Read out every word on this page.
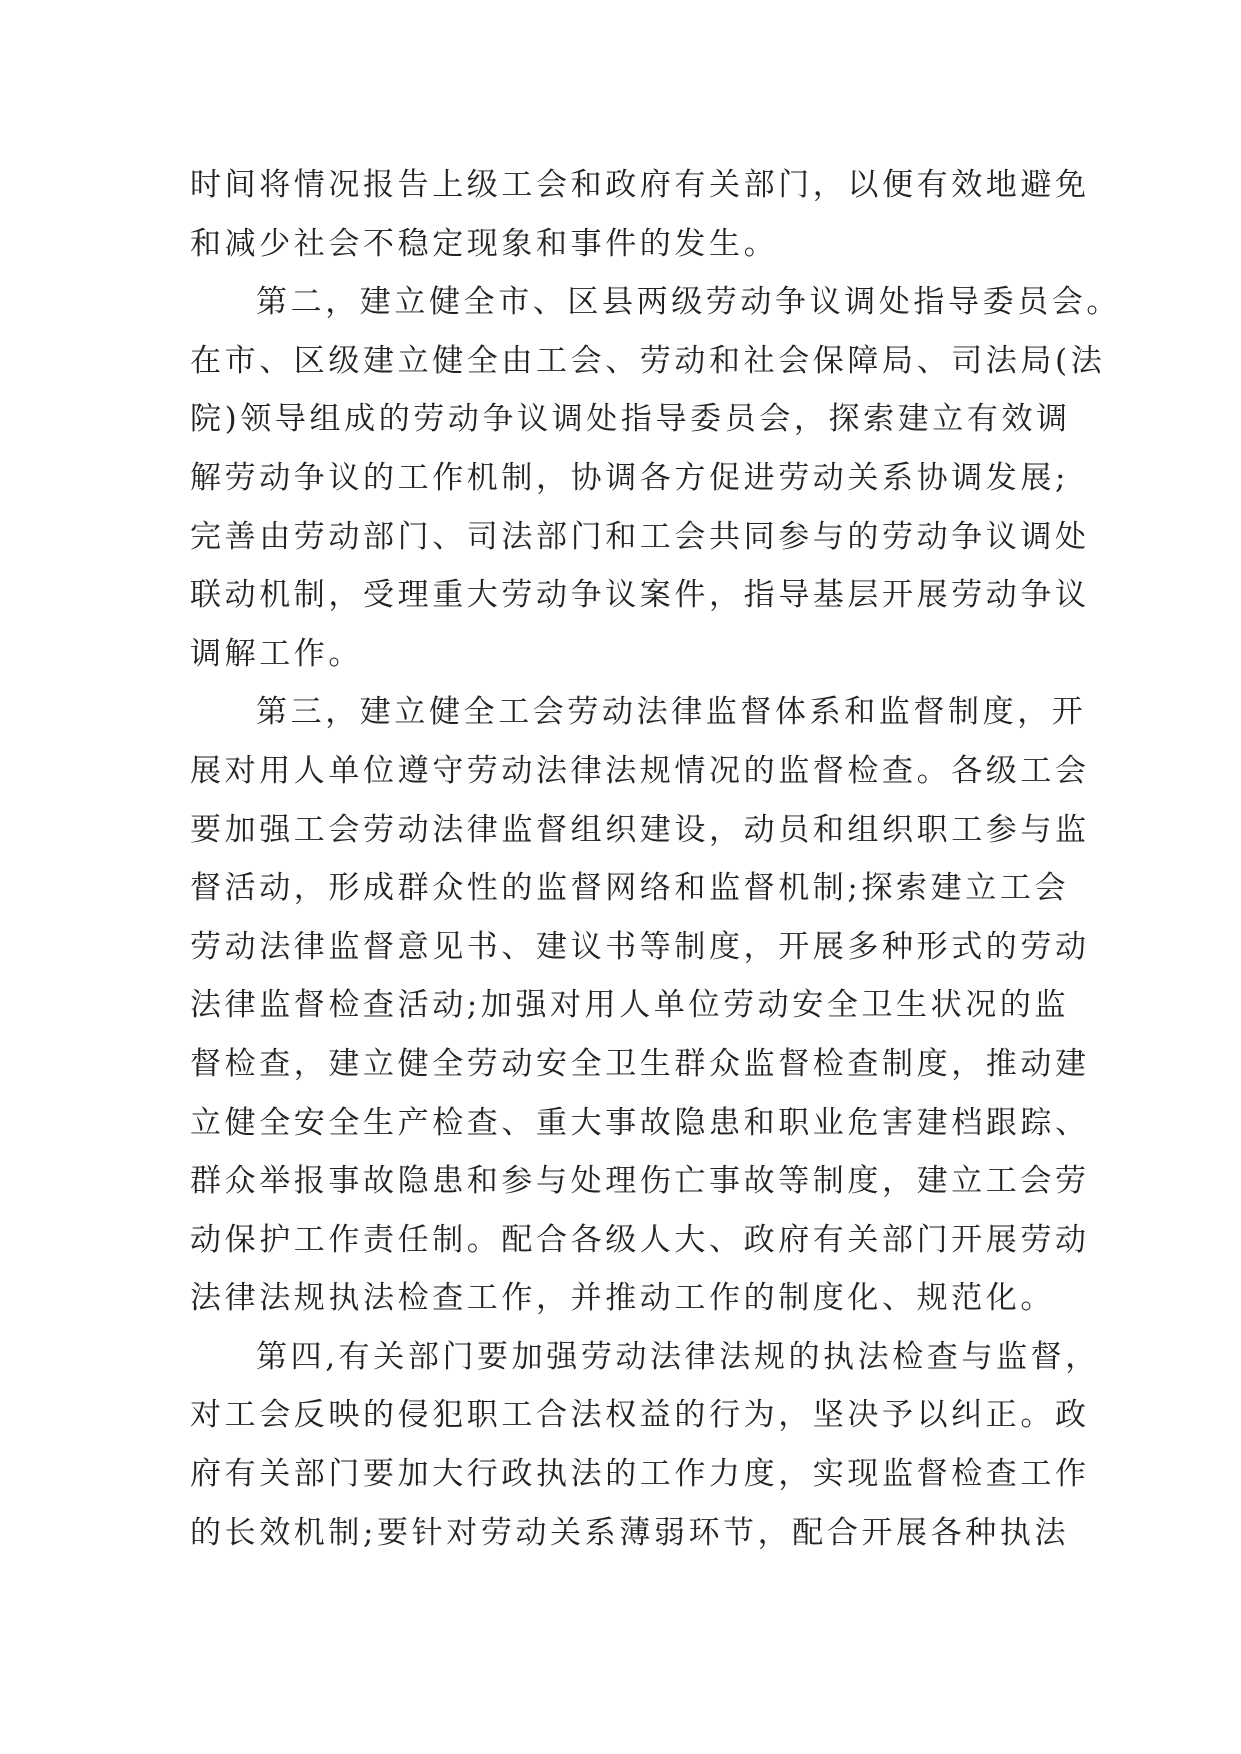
时间将情况报告上级工会和政府有关部门，以便有效地避免
和减少社会不稳定现象和事件的发生。
第二，建立健全市、区县两级劳动争议调处指导委员会。
在市、区级建立健全由工会、劳动和社会保障局、司法局(法
院)领导组成的劳动争议调处指导委员会，探索建立有效调
解劳动争议的工作机制，协调各方促进劳动关系协调发展;
完善由劳动部门、司法部门和工会共同参与的劳动争议调处
联动机制，受理重大劳动争议案件，指导基层开展劳动争议
调解工作。
第三，建立健全工会劳动法律监督体系和监督制度，开
展对用人单位遵守劳动法律法规情况的监督检查。各级工会
要加强工会劳动法律监督组织建设，动员和组织职工参与监
督活动，形成群众性的监督网络和监督机制;探索建立工会
劳动法律监督意见书、建议书等制度，开展多种形式的劳动
法律监督检查活动;加强对用人单位劳动安全卫生状况的监
督检查，建立健全劳动安全卫生群众监督检查制度，推动建
立健全安全生产检查、重大事故隐患和职业危害建档跟踪、
群众举报事故隐患和参与处理伤亡事故等制度，建立工会劳
动保护工作责任制。配合各级人大、政府有关部门开展劳动
法律法规执法检查工作，并推动工作的制度化、规范化。
第四,有关部门要加强劳动法律法规的执法检查与监督，
对工会反映的侵犯职工合法权益的行为，坚决予以纠正。政
府有关部门要加大行政执法的工作力度，实现监督检查工作
的长效机制;要针对劳动关系薄弱环节，配合开展各种执法
